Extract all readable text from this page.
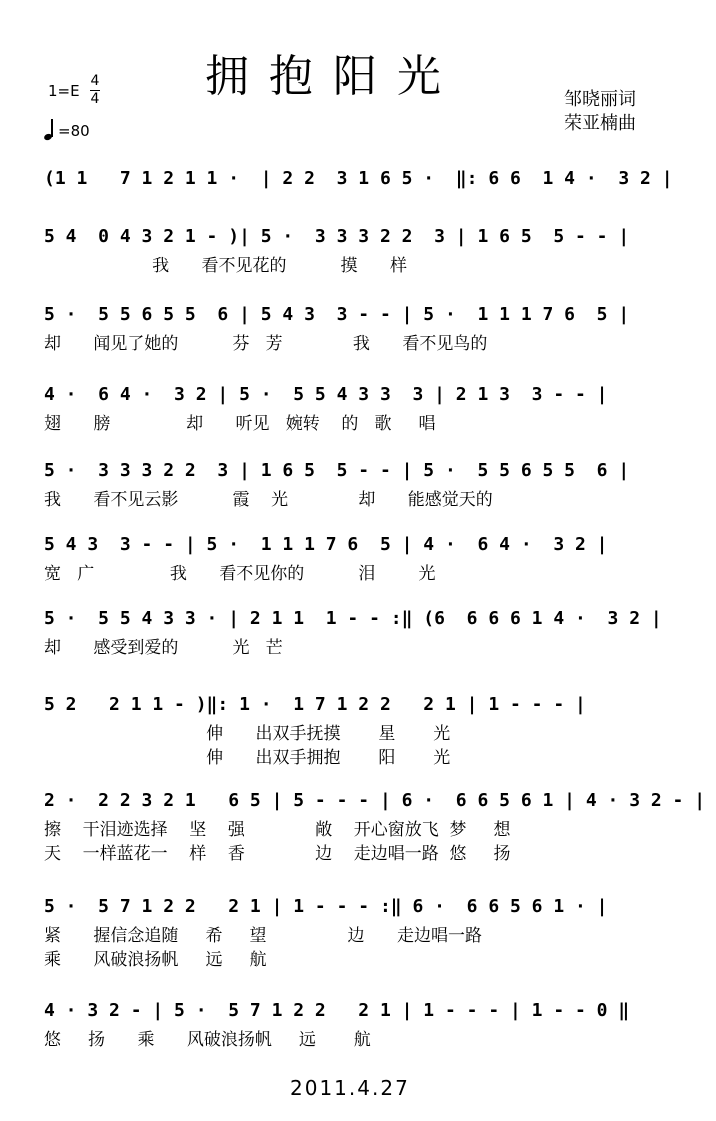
拥抱阳光
1=E
4
4
=80
邹晓丽词
荣亚楠曲
(1 1   7 1 2 1 1 ·  | 2 2  3 1 6 5 ·  ‖: 6 6  1 4 ·  3 2 |
5 4  0 4 3 2 1 - )| 5 ·  3 3 3 2 2  3 | 1 6 5  5 - - |
我      看不见花的          摸      样
5 ·  5 5 6 5 5  6 | 5 4 3  3 - - | 5 ·  1 1 1 7 6  5 |
却      闻见了她的          芬   芳             我      看不见鸟的
4 ·  6 4 ·  3 2 | 5 ·  5 5 4 3 3  3 | 2 1 3  3 - - |
翅      膀              却      听见   婉转    的   歌     唱
5 ·  3 3 3 2 2  3 | 1 6 5  5 - - | 5 ·  5 5 6 5 5  6 |
我      看不见云影          霞    光             却      能感觉天的
5 4 3  3 - - | 5 ·  1 1 1 7 6  5 | 4 ·  6 4 ·  3 2 |
宽   广              我      看不见你的          泪        光
5 ·  5 5 4 3 3 · | 2 1 1  1 - - :‖ (6  6 6 6 1 4 ·  3 2 |
却      感受到爱的          光   芒
5 2   2 1 1 - )‖: 1 ·  1 7 1 2 2   2 1 | 1 - - - |
伸      出双手抚摸       星       光
伸      出双手拥抱       阳       光
2 ·  2 2 3 2 1   6 5 | 5 - - - | 6 ·  6 6 5 6 1 | 4 · 3 2 - |
擦    干泪迹选择    坚    强             敞    开心窗放飞  梦     想
天    一样蓝花一    样    香             边    走边唱一路  悠     扬
5 ·  5 7 1 2 2   2 1 | 1 - - - :‖ 6 ·  6 6 5 6 1 · |
紧      握信念追随     希     望               边      走边唱一路
乘      风破浪扬帆     远     航
4 · 3 2 - | 5 ·  5 7 1 2 2   2 1 | 1 - - - | 1 - - 0 ‖
悠     扬      乘      风破浪扬帆     远       航
2011.4.27
